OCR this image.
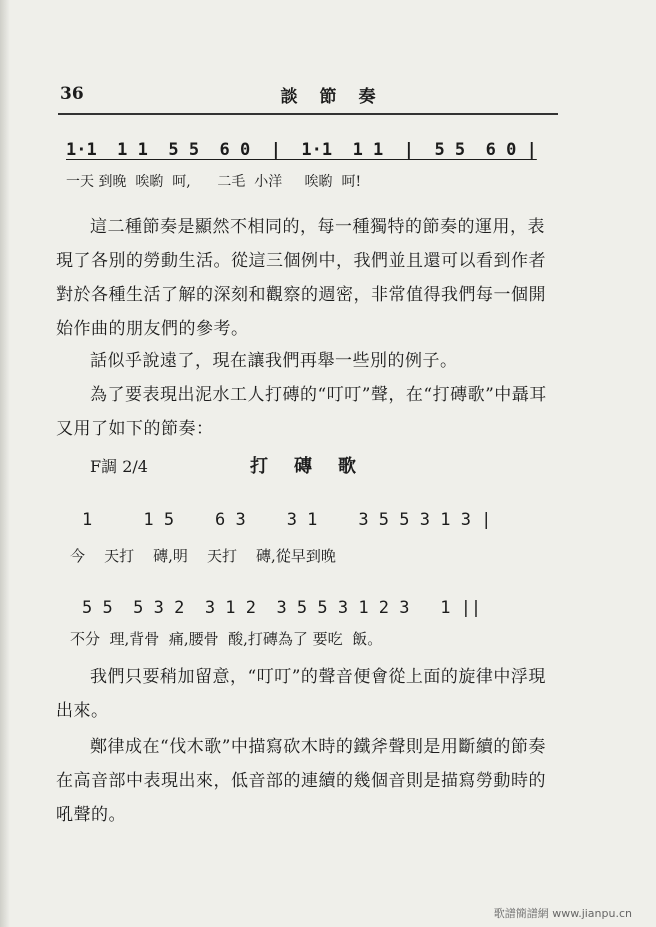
36	談節奏
1·1  1 1  5 5  6 0  |  1·1  1 1  |  5 5  6 0 |
一天 到晚  唉喲  呵,      二毛  小洋     唉喲  呵!

這二種節奏是顯然不相同的，每一種獨特的節奏的運用，表現了各別的勞動生活。從這三個例中，我們並且還可以看到作者對於各種生活了解的深刻和觀察的週密，非常值得我們每一個開始作曲的朋友們的參考。

話似乎說遠了，現在讓我們再舉一些別的例子。

為了要表現出泥水工人打磚的“叮叮”聲，在“打磚歌”中聶耳又用了如下的節奏：

F調 2/4	打磚歌
1     1 5    6 3    3 1    3 5 5 3 1 3 |
今    天打    磚,明    天打    磚,從早到晚
5 5  5 3 2  3 1 2  3 5 5 3 1 2 3   1 ||
不分  理,背骨  痛,腰骨  酸,打磚為了 要吃  飯。

我們只要稍加留意，“叮叮”的聲音便會從上面的旋律中浮現出來。

鄭律成在“伐木歌”中描寫砍木時的鐵斧聲則是用斷續的節奏在高音部中表現出來，低音部的連續的幾個音則是描寫勞動時的吼聲的。

歌譜簡譜網 www.jianpu.cn
